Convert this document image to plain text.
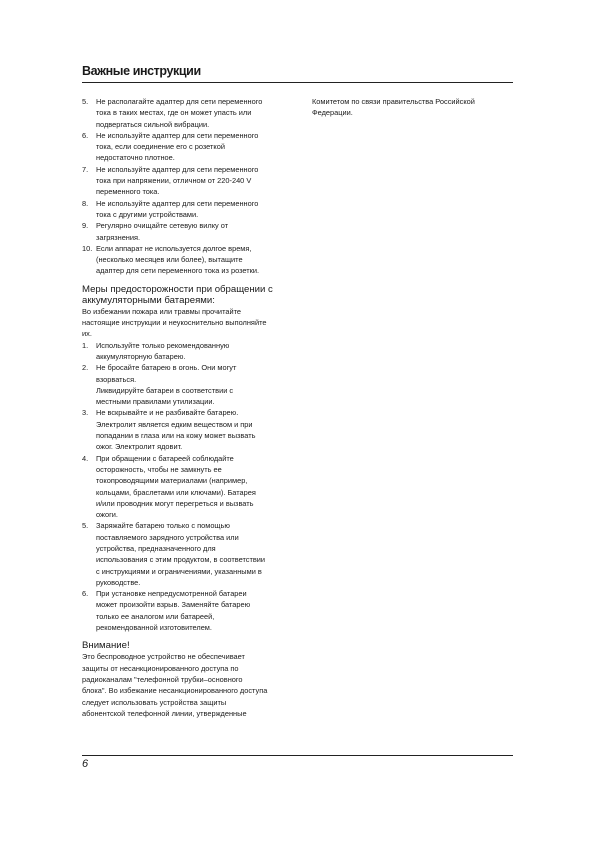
Важные инструкции
5.	Не располагайте адаптер для сети переменного
тока в таких местах, где он может упасть или
подвергаться сильной вибрации.
6.	Не используйте адаптер для сети переменного
тока, если соединение его с розеткой
недостаточно плотное.
7.	Не используйте адаптер для сети переменного
тока при напряжении, отличном от 220-240 V
переменного тока.
8.	Не используйте адаптер для сети переменного
тока с другими устройствами.
9.	Регулярно очищайте сетевую вилку от
загрязнения.
10. Если аппарат не используется долгое время,
(несколько месяцев или более), вытащите
адаптер для сети переменного тока из розетки.
Меры предосторожности при обращении с
аккумуляторными батареями:
Во избежании пожара или травмы прочитайте
настоящие инструкции и неукоснительно выполняйте
их.
1.	Используйте только рекомендованную
аккумуляторную батарею.
2.	Не бросайте батарею в огонь. Они могут
взорваться.
Ликвидируйте батареи в соответствии с
местными правилами утилизации.
3.	Не вскрывайте и не разбивайте батарею.
Электролит является едким веществом и при
попадании в глаза или на кожу может вызвать
ожог. Электролит ядовит.
4.	При обращении с батареей соблюдайте
осторожность, чтобы не замкнуть ее
токопроводящими материалами (например,
кольцами, браслетами или ключами). Батарея
и/или проводник могут перегреться и вызвать
ожоги.
5.	Заряжайте батарею только с помощью
поставляемого зарядного устройства или
устройства, предназначенного для
использования с этим продуктом, в соответствии
с инструкциями и ограничениями, указанными в
руководстве.
6.	При установке непредусмотренной батареи
может произойти взрыв. Заменяйте батарею
только ее аналогом или батареей,
рекомендованной изготовителем.
Внимание!
Это беспроводное устройство не обеспечивает
защиты от несанкционированного доступа по
радиоканалам "телефонной трубки–основного
блока". Во избежание несанкционированного доступа
следует использовать устройства защиты
абонентской телефонной линии, утвержденные
Комитетом по связи правительства Российской
Федерации.
6
